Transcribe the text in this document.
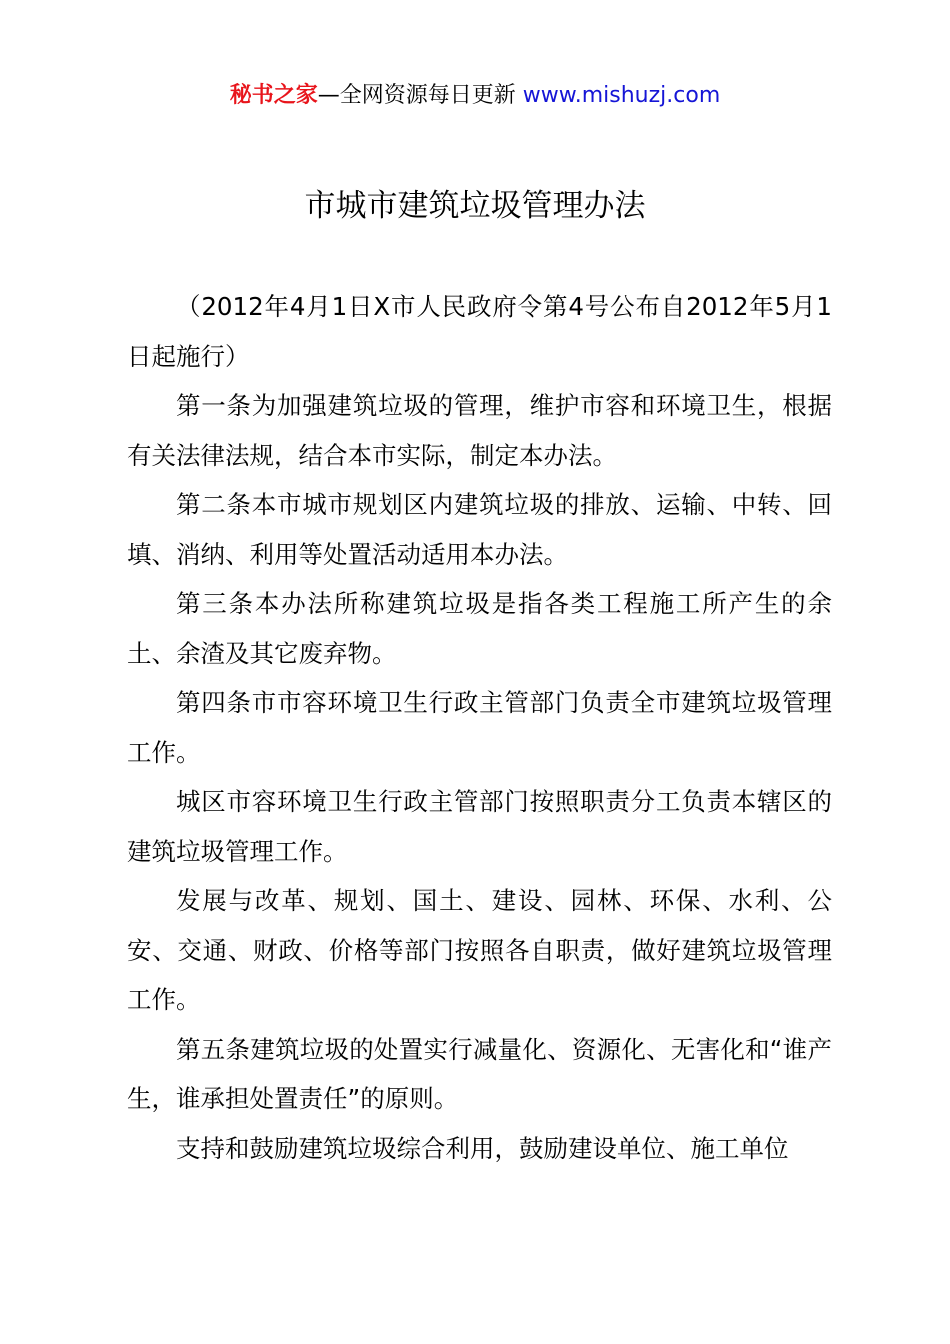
秘书之家—全网资源每日更新 www.mishuzj.com
市城市建筑垃圾管理办法

（2012年4月1日X市人民政府令第4号公布自2012年5月1日起施行）

第一条为加强建筑垃圾的管理，维护市容和环境卫生，根据有关法律法规，结合本市实际，制定本办法。

第二条本市城市规划区内建筑垃圾的排放、运输、中转、回填、消纳、利用等处置活动适用本办法。

第三条本办法所称建筑垃圾是指各类工程施工所产生的余土、余渣及其它废弃物。

第四条市市容环境卫生行政主管部门负责全市建筑垃圾管理工作。

城区市容环境卫生行政主管部门按照职责分工负责本辖区的建筑垃圾管理工作。

发展与改革、规划、国土、建设、园林、环保、水利、公安、交通、财政、价格等部门按照各自职责，做好建筑垃圾管理工作。

第五条建筑垃圾的处置实行减量化、资源化、无害化和“谁产生，谁承担处置责任”的原则。

支持和鼓励建筑垃圾综合利用，鼓励建设单位、施工单位
